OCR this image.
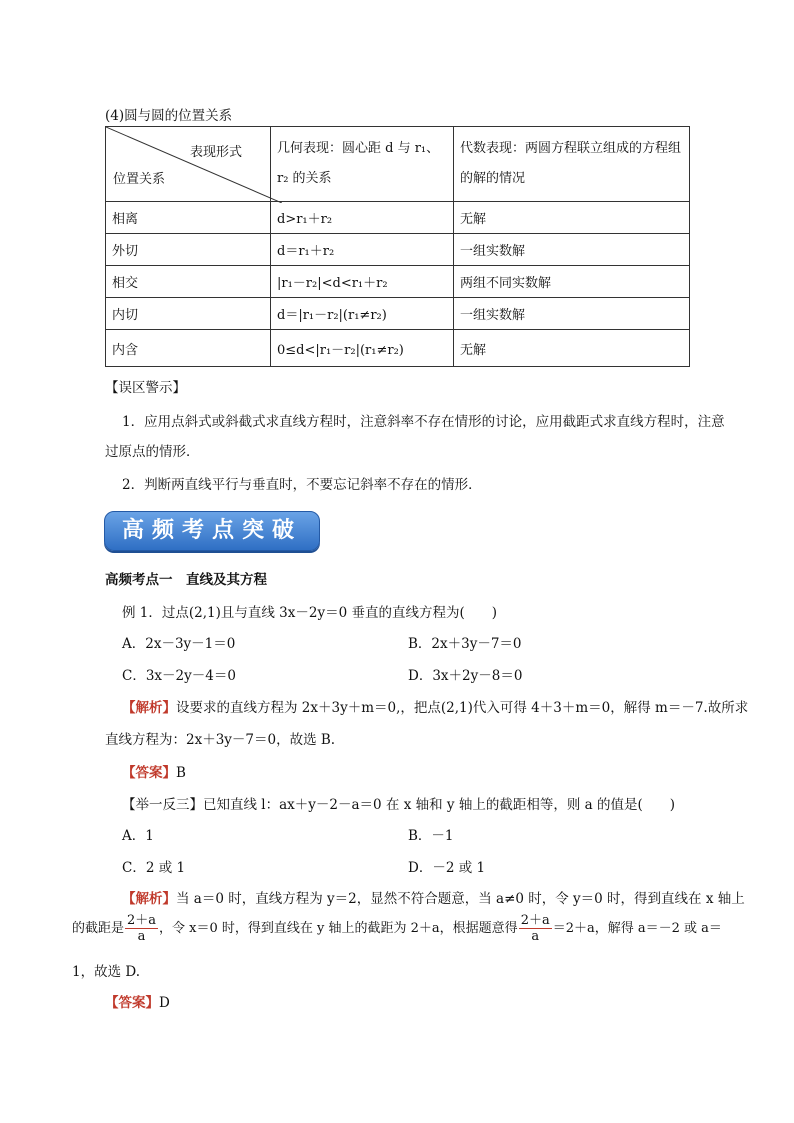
(4)圆与圆的位置关系
表现形式
位置关系	几何表现：圆心距 d 与 r₁、r₂ 的关系	代数表现：两圆方程联立组成的方程组的解的情况
相离	d>r₁＋r₂	无解
外切	d＝r₁＋r₂	一组实数解
相交	|r₁－r₂|<d<r₁＋r₂	两组不同实数解
内切	d＝|r₁－r₂|(r₁≠r₂)	一组实数解
内含	0≤d<|r₁－r₂|(r₁≠r₂)	无解
【误区警示】
1．应用点斜式或斜截式求直线方程时，注意斜率不存在情形的讨论，应用截距式求直线方程时，注意
过原点的情形．
2．判断两直线平行与垂直时，不要忘记斜率不存在的情形．
高频考点突破
高频考点一　直线及其方程
例 1．过点(2,1)且与直线 3x－2y＝0 垂直的直线方程为(　　)
A．2x－3y－1＝0	B．2x＋3y－7＝0
C．3x－2y－4＝0	D．3x＋2y－8＝0
【解析】设要求的直线方程为 2x＋3y＋m＝0,，把点(2,1)代入可得 4＋3＋m＝0，解得 m＝－7.故所求
直线方程为：2x＋3y－7＝0，故选 B.
【答案】B
【举一反三】已知直线 l：ax＋y－2－a＝0 在 x 轴和 y 轴上的截距相等，则 a 的值是(　　)
A．1	B．－1
C．2 或 1	D．－2 或 1
【解析】当 a＝0 时，直线方程为 y＝2，显然不符合题意，当 a≠0 时，令 y＝0 时，得到直线在 x 轴上
的截距是 $\frac{2+a}{a}$ ，令 x＝0 时，得到直线在 y 轴上的截距为 2＋a，根据题意得 $\frac{2+a}{a} =2+a$，解得 a＝－2 或 a＝
1，故选 D.
【答案】D
